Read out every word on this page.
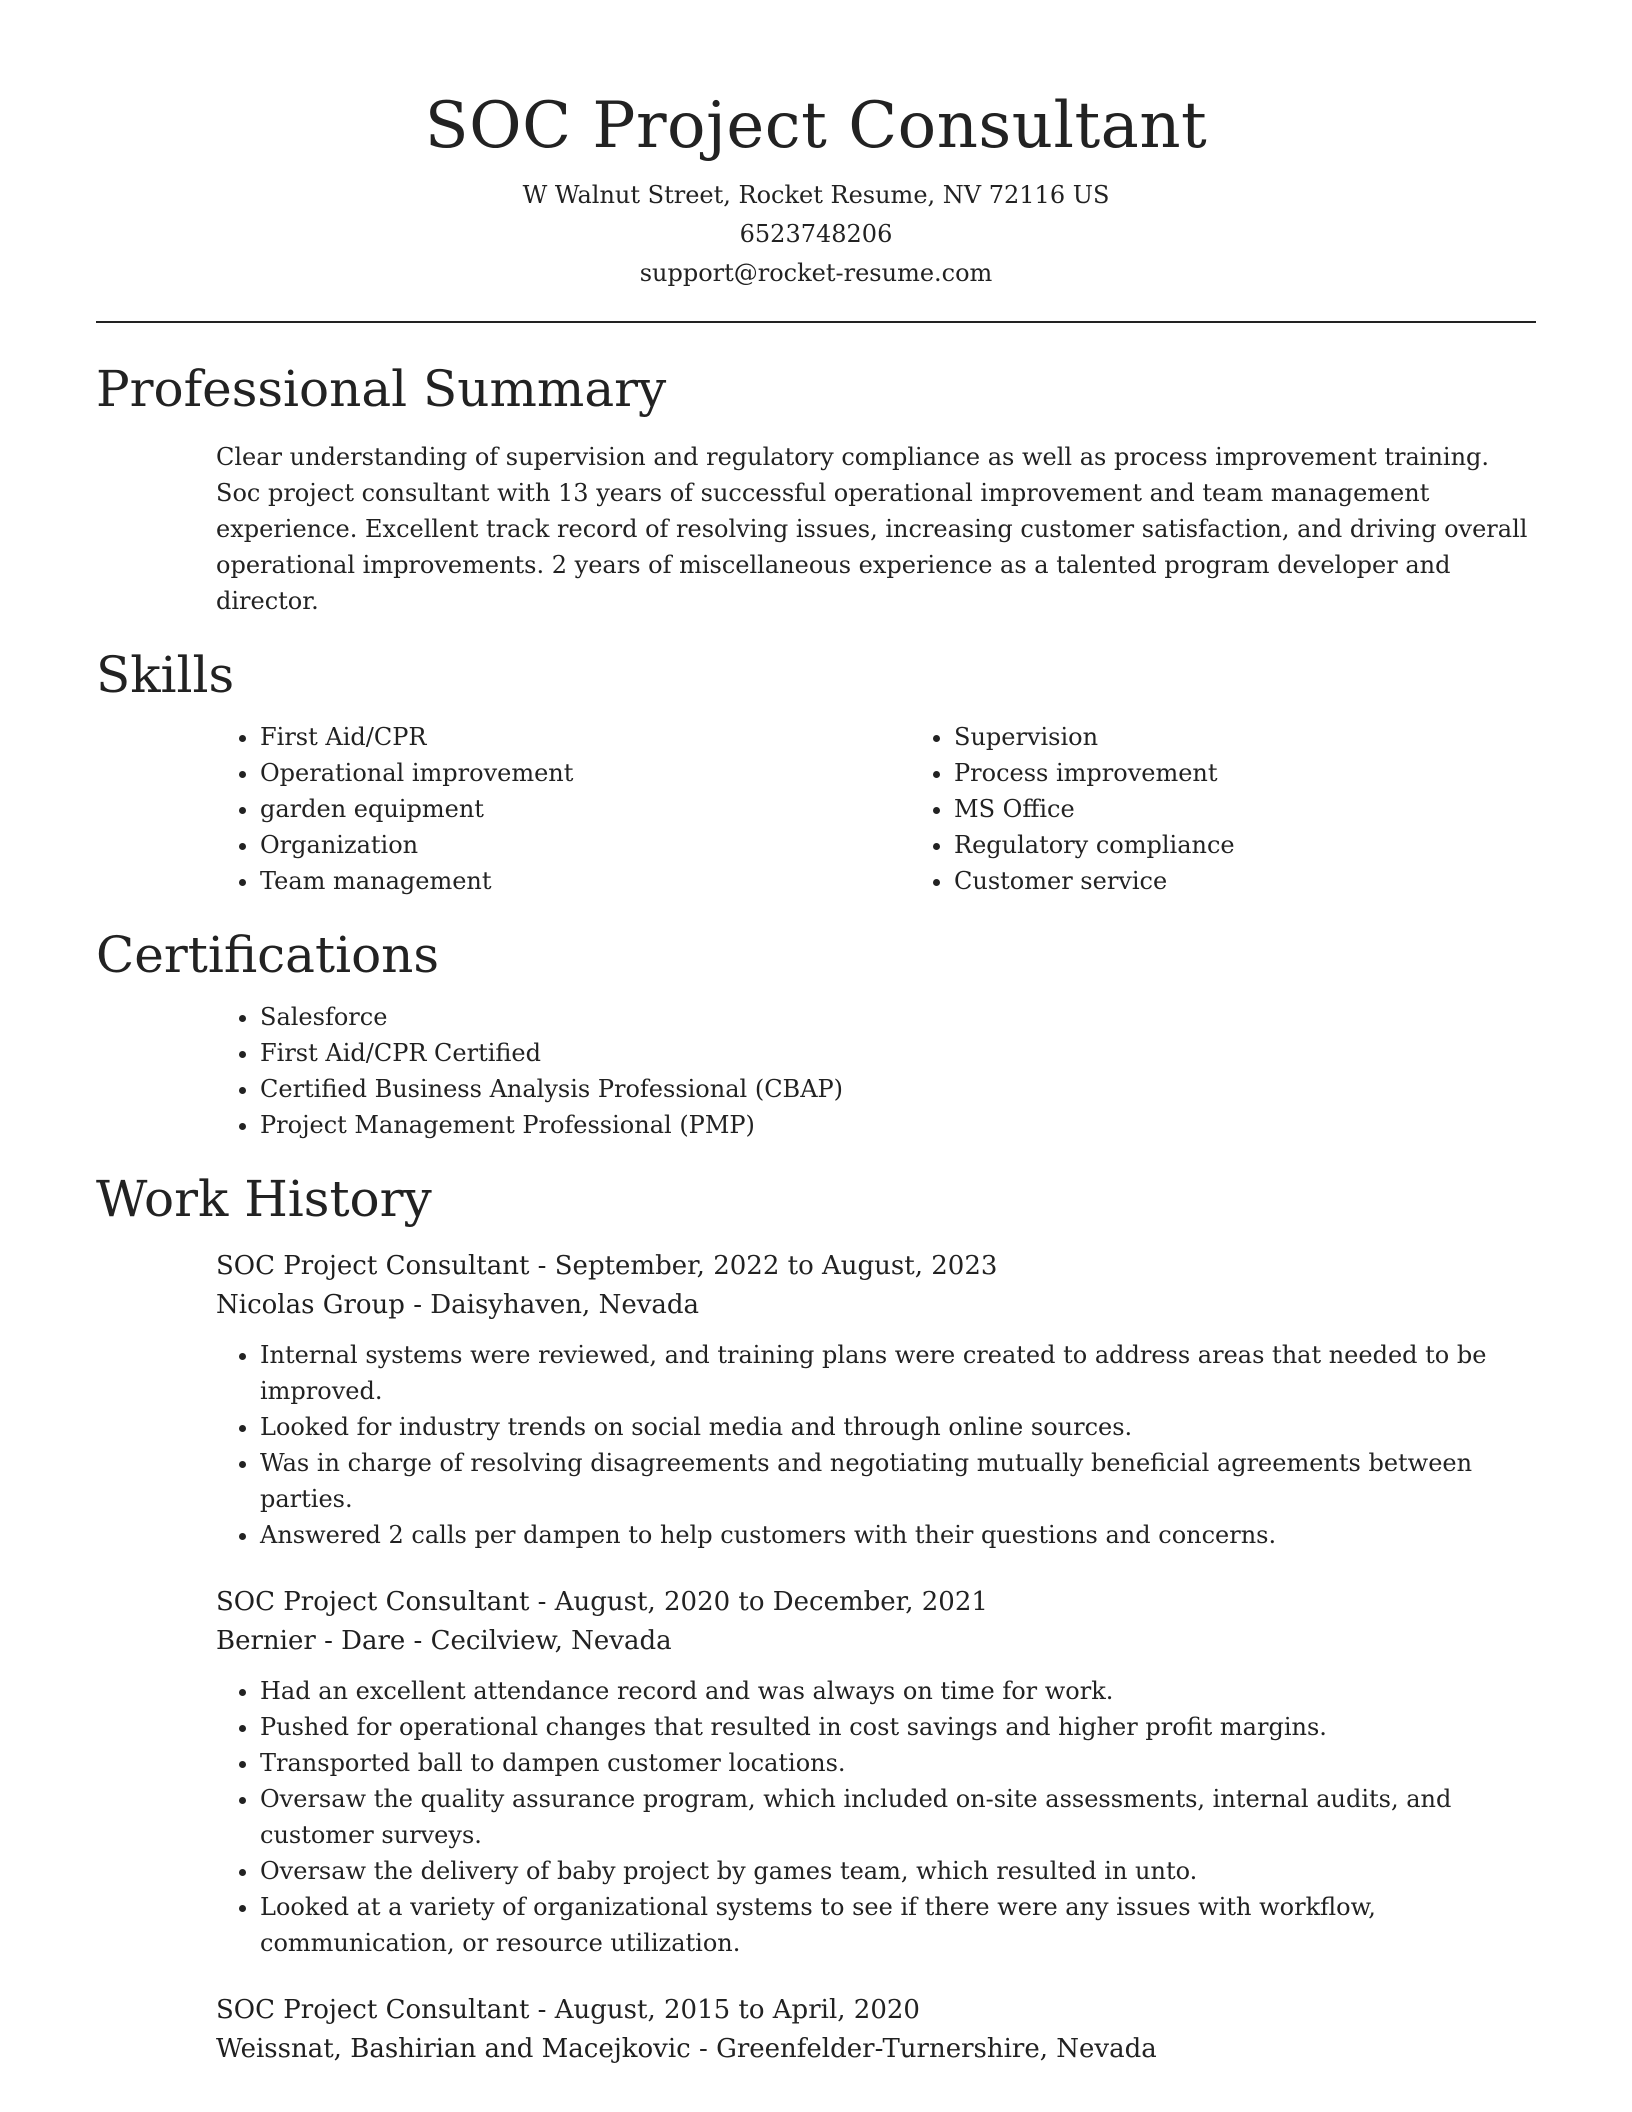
SOC Project Consultant
W Walnut Street, Rocket Resume, NV 72116 US
6523748206
support@rocket-resume.com
Professional Summary

Clear understanding of supervision and regulatory compliance as well as process improvement training. Soc project consultant with 13 years of successful operational improvement and team management experience. Excellent track record of resolving issues, increasing customer satisfaction, and driving overall operational improvements. 2 years of miscellaneous experience as a talented program developer and director.

Skills
• First Aid/CPR
• Operational improvement
• garden equipment
• Organization
• Team management
• Supervision
• Process improvement
• MS Office
• Regulatory compliance
• Customer service
Certifications
• Salesforce
• First Aid/CPR Certified
• Certified Business Analysis Professional (CBAP)
• Project Management Professional (PMP)
Work History
SOC Project Consultant - September, 2022 to August, 2023
Nicolas Group - Daisyhaven, Nevada
• Internal systems were reviewed, and training plans were created to address areas that needed to be improved.
• Looked for industry trends on social media and through online sources.
• Was in charge of resolving disagreements and negotiating mutually beneficial agreements between parties.
• Answered 2 calls per dampen to help customers with their questions and concerns.
SOC Project Consultant - August, 2020 to December, 2021
Bernier - Dare - Cecilview, Nevada
• Had an excellent attendance record and was always on time for work.
• Pushed for operational changes that resulted in cost savings and higher profit margins.
• Transported ball to dampen customer locations.
• Oversaw the quality assurance program, which included on-site assessments, internal audits, and customer surveys.
• Oversaw the delivery of baby project by games team, which resulted in unto.
• Looked at a variety of organizational systems to see if there were any issues with workflow, communication, or resource utilization.
SOC Project Consultant - August, 2015 to April, 2020
Weissnat, Bashirian and Macejkovic - Greenfelder-Turnershire, Nevada
